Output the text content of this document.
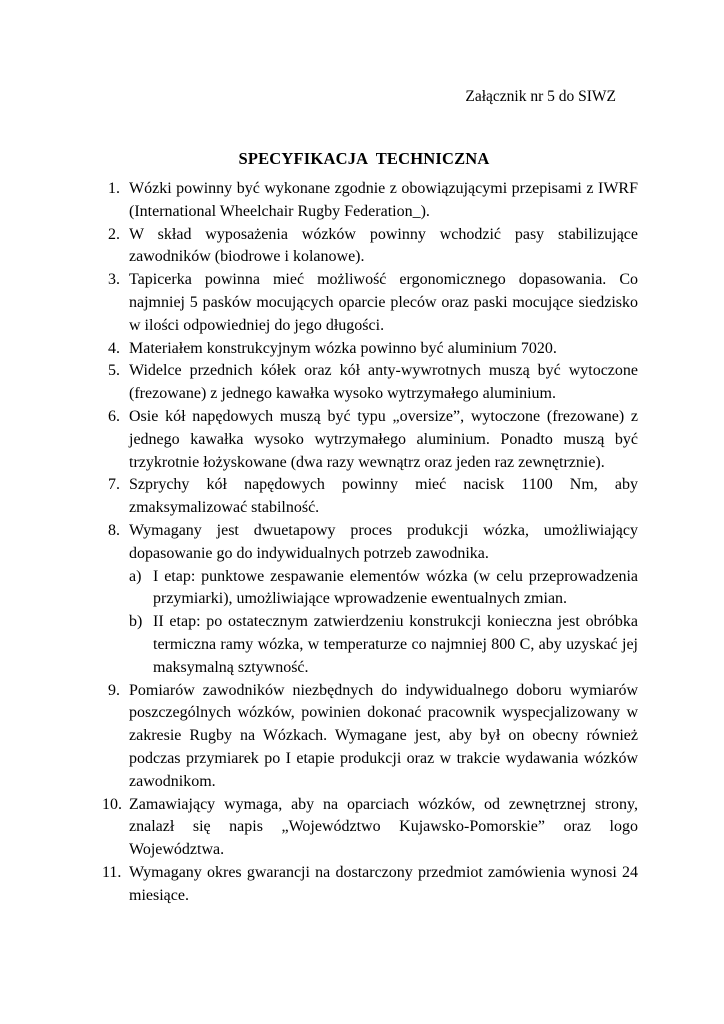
Załącznik nr 5 do SIWZ
SPECYFIKACJA TECHNICZNA
1. Wózki powinny być wykonane zgodnie z obowiązującymi przepisami z IWRF (International Wheelchair Rugby Federation_).
2. W skład wyposażenia wózków powinny wchodzić pasy stabilizujące zawodników (biodrowe i kolanowe).
3. Tapicerka powinna mieć możliwość ergonomicznego dopasowania. Co najmniej 5 pasków mocujących oparcie pleców oraz paski mocujące siedzisko w ilości odpowiedniej do jego długości.
4. Materiałem konstrukcyjnym wózka powinno być aluminium 7020.
5. Widelce przednich kółek oraz kół anty-wywrotnych muszą być wytoczone (frezowane) z jednego kawałka wysoko wytrzymałego aluminium.
6. Osie kół napędowych muszą być typu „oversize”, wytoczone (frezowane) z jednego kawałka wysoko wytrzymałego aluminium. Ponadto muszą być trzykrotnie łożyskowane (dwa razy wewnątrz oraz jeden raz zewnętrznie).
7. Szprychy kół napędowych powinny mieć nacisk 1100 Nm, aby zmaksymalizować stabilność.
8. Wymagany jest dwuetapowy proces produkcji wózka, umożliwiający dopasowanie go do indywidualnych potrzeb zawodnika.
a) I etap: punktowe zespawanie elementów wózka (w celu przeprowadzenia przymiarki), umożliwiające wprowadzenie ewentualnych zmian.
b) II etap: po ostatecznym zatwierdzeniu konstrukcji konieczna jest obróbka termiczna ramy wózka, w temperaturze co najmniej 800 C, aby uzyskać jej maksymalną sztywność.
9. Pomiarów zawodników niezbędnych do indywidualnego doboru wymiarów poszczególnych wózków, powinien dokonać pracownik wyspecjalizowany w zakresie Rugby na Wózkach. Wymagane jest, aby był on obecny również podczas przymiarek po I etapie produkcji oraz w trakcie wydawania wózków zawodnikom.
10. Zamawiający wymaga, aby na oparciach wózków, od zewnętrznej strony, znalazł się napis „Województwo Kujawsko-Pomorskie” oraz logo Województwa.
11. Wymagany okres gwarancji na dostarczony przedmiot zamówienia wynosi 24 miesiące.
